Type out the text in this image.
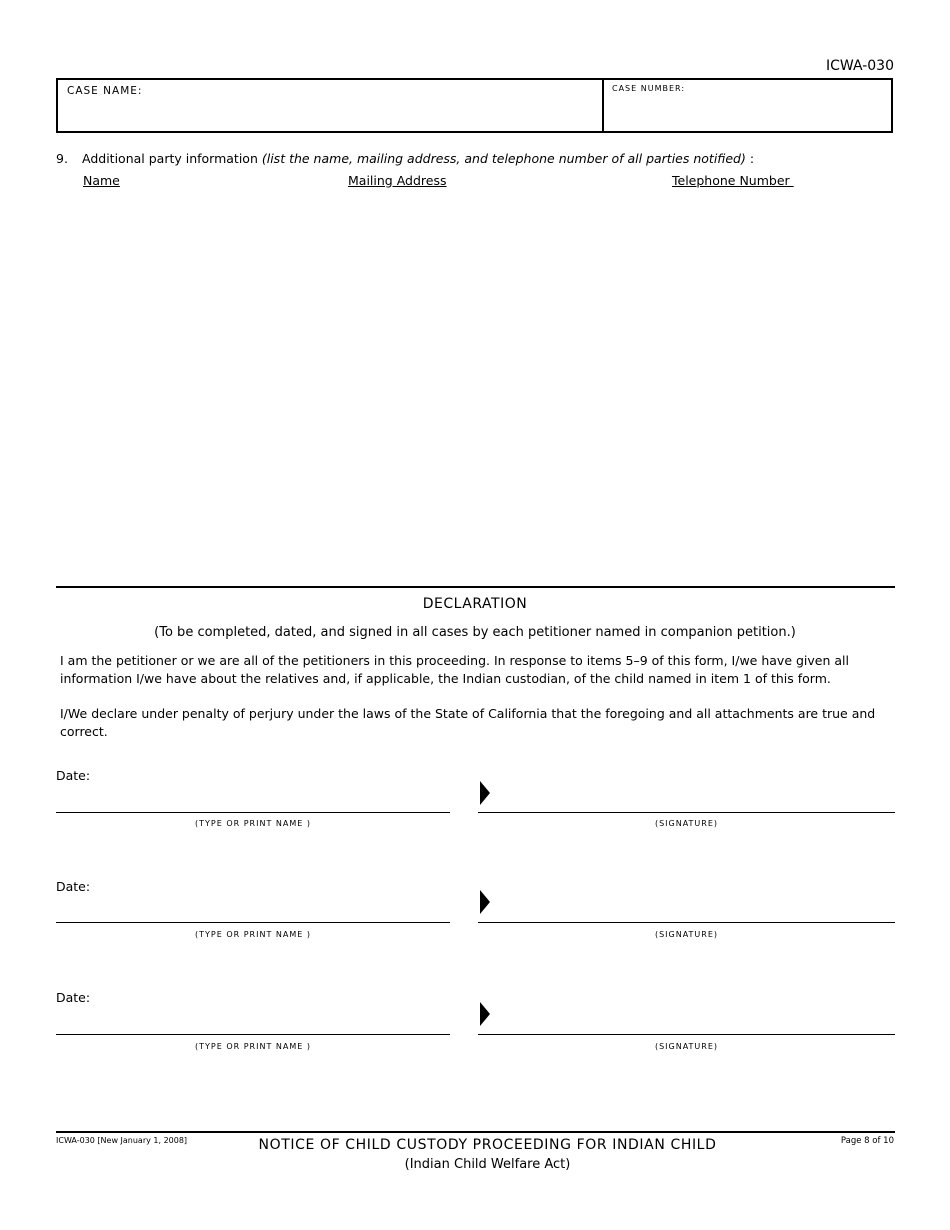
ICWA-030
CASE NAME:	CASE NUMBER:
9. Additional party information (list the name, mailing address, and telephone number of all parties notified) :
Name	Mailing Address	Telephone Number
DECLARATION
(To be completed, dated, and signed in all cases by each petitioner named in companion petition.)
I am the petitioner or we are all of the petitioners in this proceeding. In response to items 5–9 of this form, I/we have given all information I/we have about the relatives and, if applicable, the Indian custodian, of the child named in item 1 of this form.
I/We declare under penalty of perjury under the laws of the State of California that the foregoing and all attachments are true and correct.
Date:
(TYPE OR PRINT NAME )	(SIGNATURE)
Date:
(TYPE OR PRINT NAME )	(SIGNATURE)
Date:
(TYPE OR PRINT NAME )	(SIGNATURE)
ICWA-030 [New January 1, 2008]	NOTICE OF CHILD CUSTODY PROCEEDING FOR INDIAN CHILD
(Indian Child Welfare Act)
Page 8 of 10
